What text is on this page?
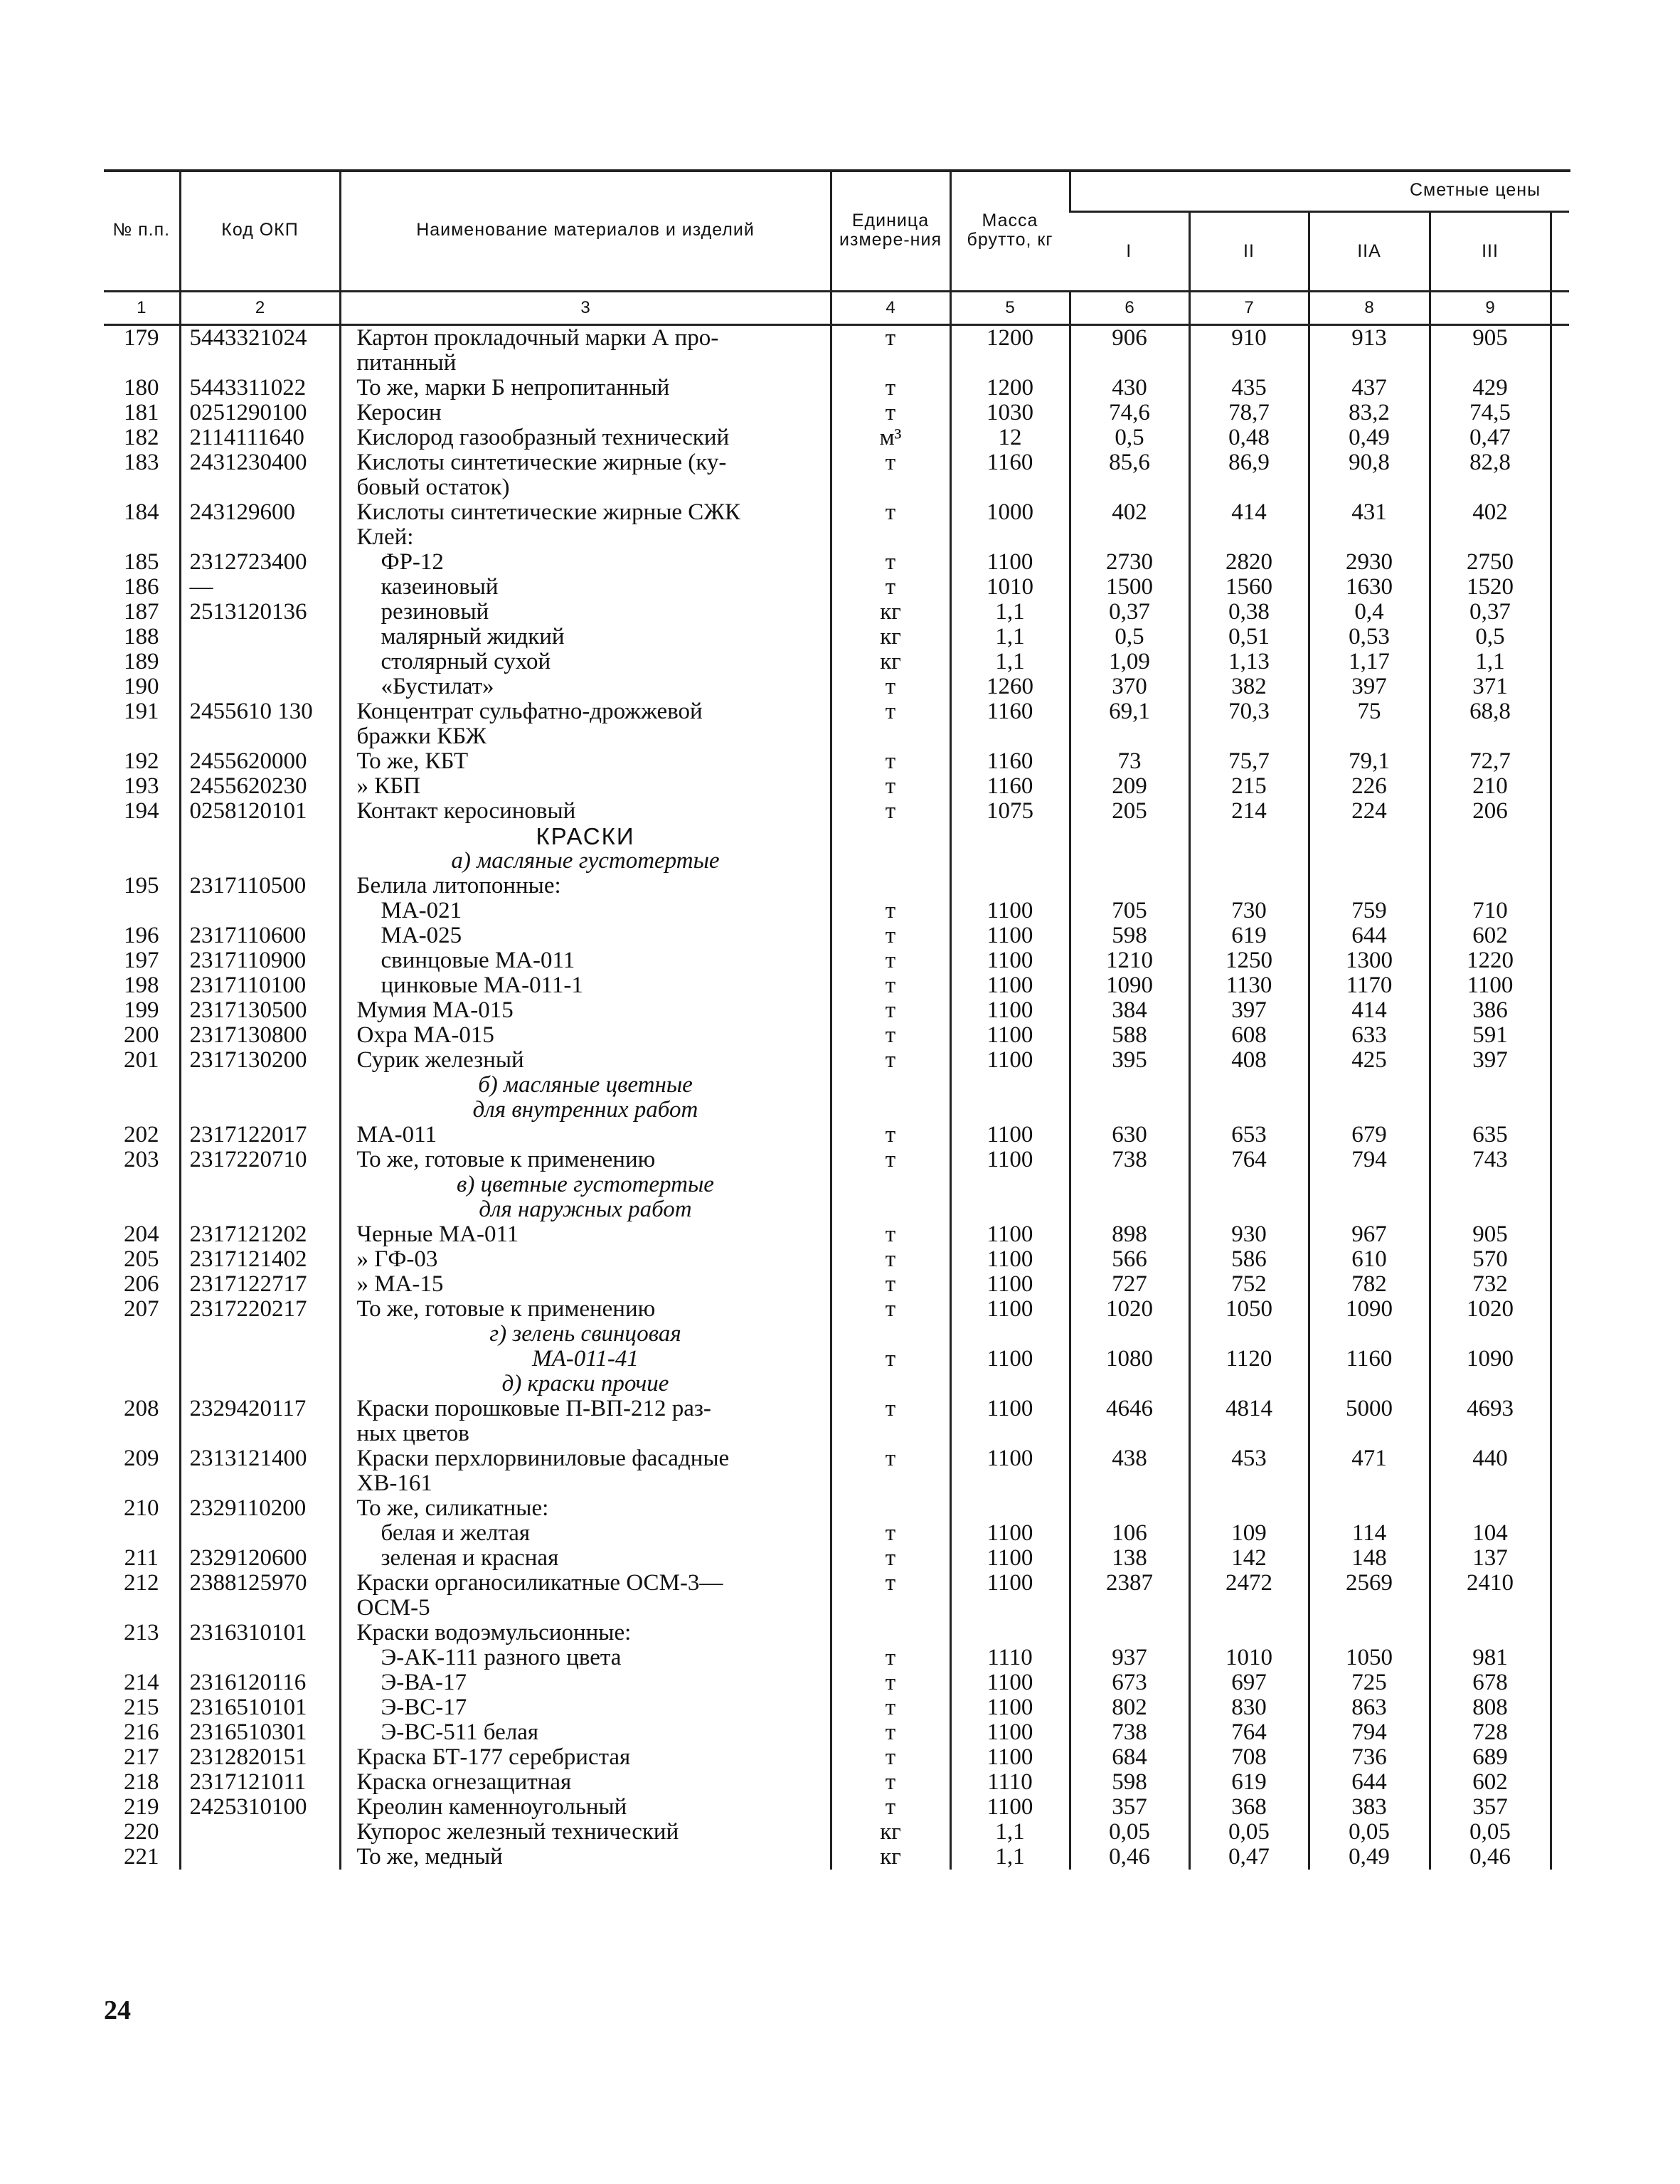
№ п.п.	Код ОКП	Наименование материалов и изделий	Единица измере-ния	Масса брутто, кг	Сметные цены				
					I	II	IIА	III	
1	2	3	4	5	6	7	8	9	
179	5443321024	Картон прокладочный марки А про-
питанный	т	1200	906	910	913	905	
180	5443311022	То же, марки Б непропитанный	т	1200	430	435	437	429	
181	0251290100	Керосин	т	1030	74,6	78,7	83,2	74,5	
182	2114111640	Кислород газообразный технический	м³	12	0,5	0,48	0,49	0,47	
183	2431230400	Кислоты синтетические жирные (ку-
бовый остаток)	т	1160	85,6	86,9	90,8	82,8	
184	243129600	Кислоты синтетические жирные СЖК	т	1000	402	414	431	402	
		Клей:							
185	2312723400	ФР-12	т	1100	2730	2820	2930	2750	
186	—	казеиновый	т	1010	1500	1560	1630	1520	
187	2513120136	резиновый	кг	1,1	0,37	0,38	0,4	0,37	
188		малярный жидкий	кг	1,1	0,5	0,51	0,53	0,5	
189		столярный сухой	кг	1,1	1,09	1,13	1,17	1,1	
190		«Бустилат»	т	1260	370	382	397	371	
191	2455610 130	Концентрат сульфатно-дрожжевой
бражки КБЖ	т	1160	69,1	70,3	75	68,8	
192	2455620000	То же, КБТ	т	1160	73	75,7	79,1	72,7	
193	2455620230	» КБП	т	1160	209	215	226	210	
194	0258120101	Контакт керосиновый	т	1075	205	214	224	206	
		КРАСКИ							
		а) масляные густотертые							
195	2317110500	Белила литопонные:							
		МА-021	т	1100	705	730	759	710	
196	2317110600	МА-025	т	1100	598	619	644	602	
197	2317110900	свинцовые МА-011	т	1100	1210	1250	1300	1220	
198	2317110100	цинковые МА-011-1	т	1100	1090	1130	1170	1100	
199	2317130500	Мумия МА-015	т	1100	384	397	414	386	
200	2317130800	Охра МА-015	т	1100	588	608	633	591	
201	2317130200	Сурик железный	т	1100	395	408	425	397	
		б) масляные цветные							
		для внутренних работ							
202	2317122017	МА-011	т	1100	630	653	679	635	
203	2317220710	То же, готовые к применению	т	1100	738	764	794	743	
		в) цветные густотертые							
		для наружных работ							
204	2317121202	Черные МА-011	т	1100	898	930	967	905	
205	2317121402	» ГФ-03	т	1100	566	586	610	570	
206	2317122717	» МА-15	т	1100	727	752	782	732	
207	2317220217	То же, готовые к применению	т	1100	1020	1050	1090	1020	
		г) зелень свинцовая							
		МА-011-41	т	1100	1080	1120	1160	1090	
		д) краски прочие							
208	2329420117	Краски порошковые П-ВП-212 раз-
ных цветов	т	1100	4646	4814	5000	4693	
209	2313121400	Краски перхлорвиниловые фасадные
ХВ-161	т	1100	438	453	471	440	
210	2329110200	То же, силикатные:							
		белая и желтая	т	1100	106	109	114	104	
211	2329120600	зеленая и красная	т	1100	138	142	148	137	
212	2388125970	Краски органосиликатные ОСМ-3—
ОСМ-5	т	1100	2387	2472	2569	2410	
213	2316310101	Краски водоэмульсионные:							
		Э-АК-111 разного цвета	т	1110	937	1010	1050	981	
214	2316120116	Э-ВА-17	т	1100	673	697	725	678	
215	2316510101	Э-ВС-17	т	1100	802	830	863	808	
216	2316510301	Э-ВС-511 белая	т	1100	738	764	794	728	
217	2312820151	Краска БТ-177 серебристая	т	1100	684	708	736	689	
218	2317121011	Краска огнезащитная	т	1110	598	619	644	602	
219	2425310100	Креолин каменноугольный	т	1100	357	368	383	357	
220		Купорос железный технический	кг	1,1	0,05	0,05	0,05	0,05	
221		То же, медный	кг	1,1	0,46	0,47	0,49	0,46	
24
